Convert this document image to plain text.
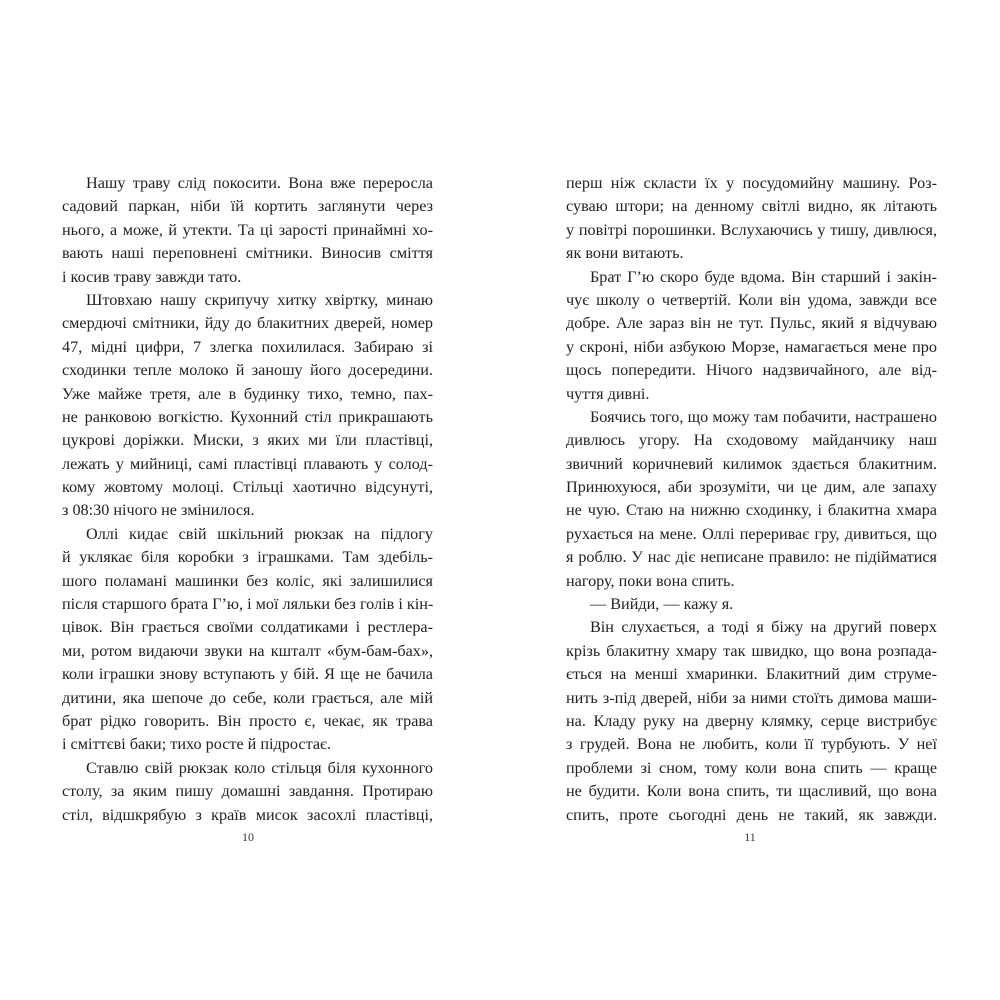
Нашу траву слід покосити. Вона вже переросла
садовий паркан, ніби їй кортить заглянути через
нього, а може, й утекти. Та ці зарості принаймні хо-
вають наші переповнені смітники. Виносив сміття
і косив траву завжди тато.
Штовхаю нашу скрипучу хитку хвіртку, минаю
смердючі смітники, йду до блакитних дверей, номер
47, мідні цифри, 7 злегка похилилася. Забираю зі
сходинки тепле молоко й заношу його досередини.
Уже майже третя, але в будинку тихо, темно, пах-
не ранковою вогкістю. Кухонний стіл прикрашають
цукрові доріжки. Миски, з яких ми їли пластівці,
лежать у мийниці, самі пластівці плавають у солод-
кому жовтому молоці. Стільці хаотично відсунуті,
з 08:30 нічого не змінилося.
Оллі кидає свій шкільний рюкзак на підлогу
й уклякає біля коробки з іграшками. Там здебіль-
шого поламані машинки без коліс, які залишилися
після старшого брата Гʼю, і мої ляльки без голів і кін-
цівок. Він грається своїми солдатиками і рестлера-
ми, ротом видаючи звуки на кшталт «бум-бам-бах»,
коли іграшки знову вступають у бій. Я ще не бачила
дитини, яка шепоче до себе, коли грається, але мій
брат рідко говорить. Він просто є, чекає, як трава
і сміттєві баки; тихо росте й підростає.
Ставлю свій рюкзак коло стільця біля кухонного
столу, за яким пишу домашні завдання. Протираю
стіл, відшкрябую з країв мисок засохлі пластівці,
перш ніж скласти їх у посудомийну машину. Роз-
суваю штори; на денному світлі видно, як літають
у повітрі порошинки. Вслухаючись у тишу, дивлюся,
як вони витають.
Брат Гʼю скоро буде вдома. Він старший і закін-
чує школу о четвертій. Коли він удома, завжди все
добре. Але зараз він не тут. Пульс, який я відчуваю
у скроні, ніби азбукою Морзе, намагається мене про
щось попередити. Нічого надзвичайного, але від-
чуття дивні.
Боячись того, що можу там побачити, настрашено
дивлюсь угору. На сходовому майданчику наш
звичний коричневий килимок здається блакитним.
Принюхуюся, аби зрозуміти, чи це дим, але запаху
не чую. Стаю на нижню сходинку, і блакитна хмара
рухається на мене. Оллі перериває гру, дивиться, що
я роблю. У нас діє неписане правило: не підійматися
нагору, поки вона спить.
— Вийди, — кажу я.
Він слухається, а тоді я біжу на другий поверх
крізь блакитну хмару так швидко, що вона розпада-
ється на менші хмаринки. Блакитний дим струме-
нить з-під дверей, ніби за ними стоїть димова маши-
на. Кладу руку на дверну клямку, серце вистрибує
з грудей. Вона не любить, коли її турбують. У неї
проблеми зі сном, тому коли вона спить — краще
не будити. Коли вона спить, ти щасливий, що вона
спить, проте сьогодні день не такий, як завжди.
10	11
